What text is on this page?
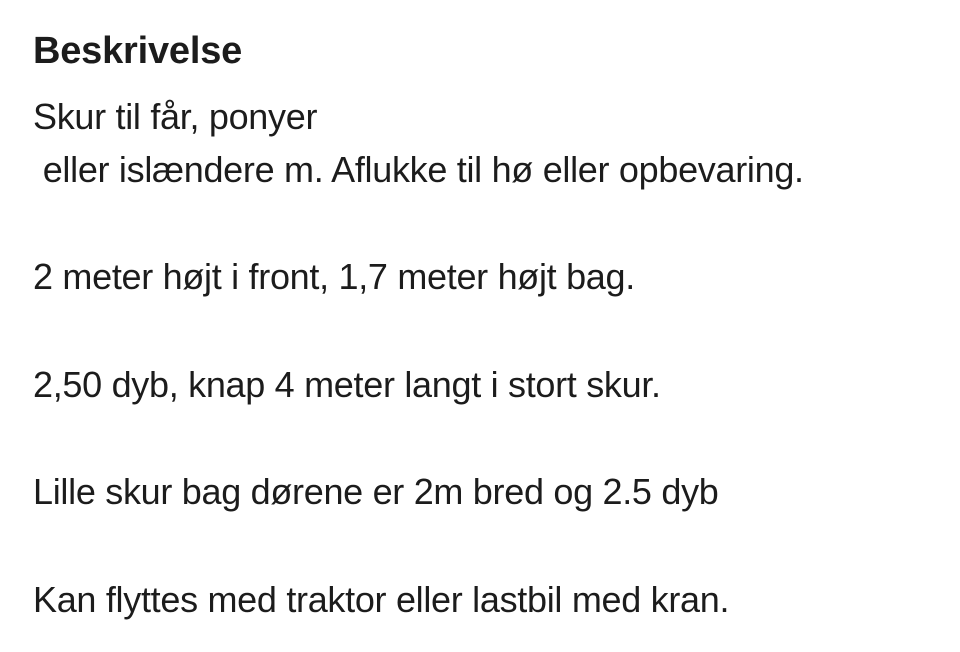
Beskrivelse
Skur til får, ponyer
eller islændere m. Aflukke til hø eller opbevaring.
2 meter højt i front, 1,7 meter højt bag.
2,50 dyb, knap 4 meter langt i stort skur.
Lille skur bag dørene er 2m bred og 2.5 dyb
Kan flyttes med traktor eller lastbil med kran.
